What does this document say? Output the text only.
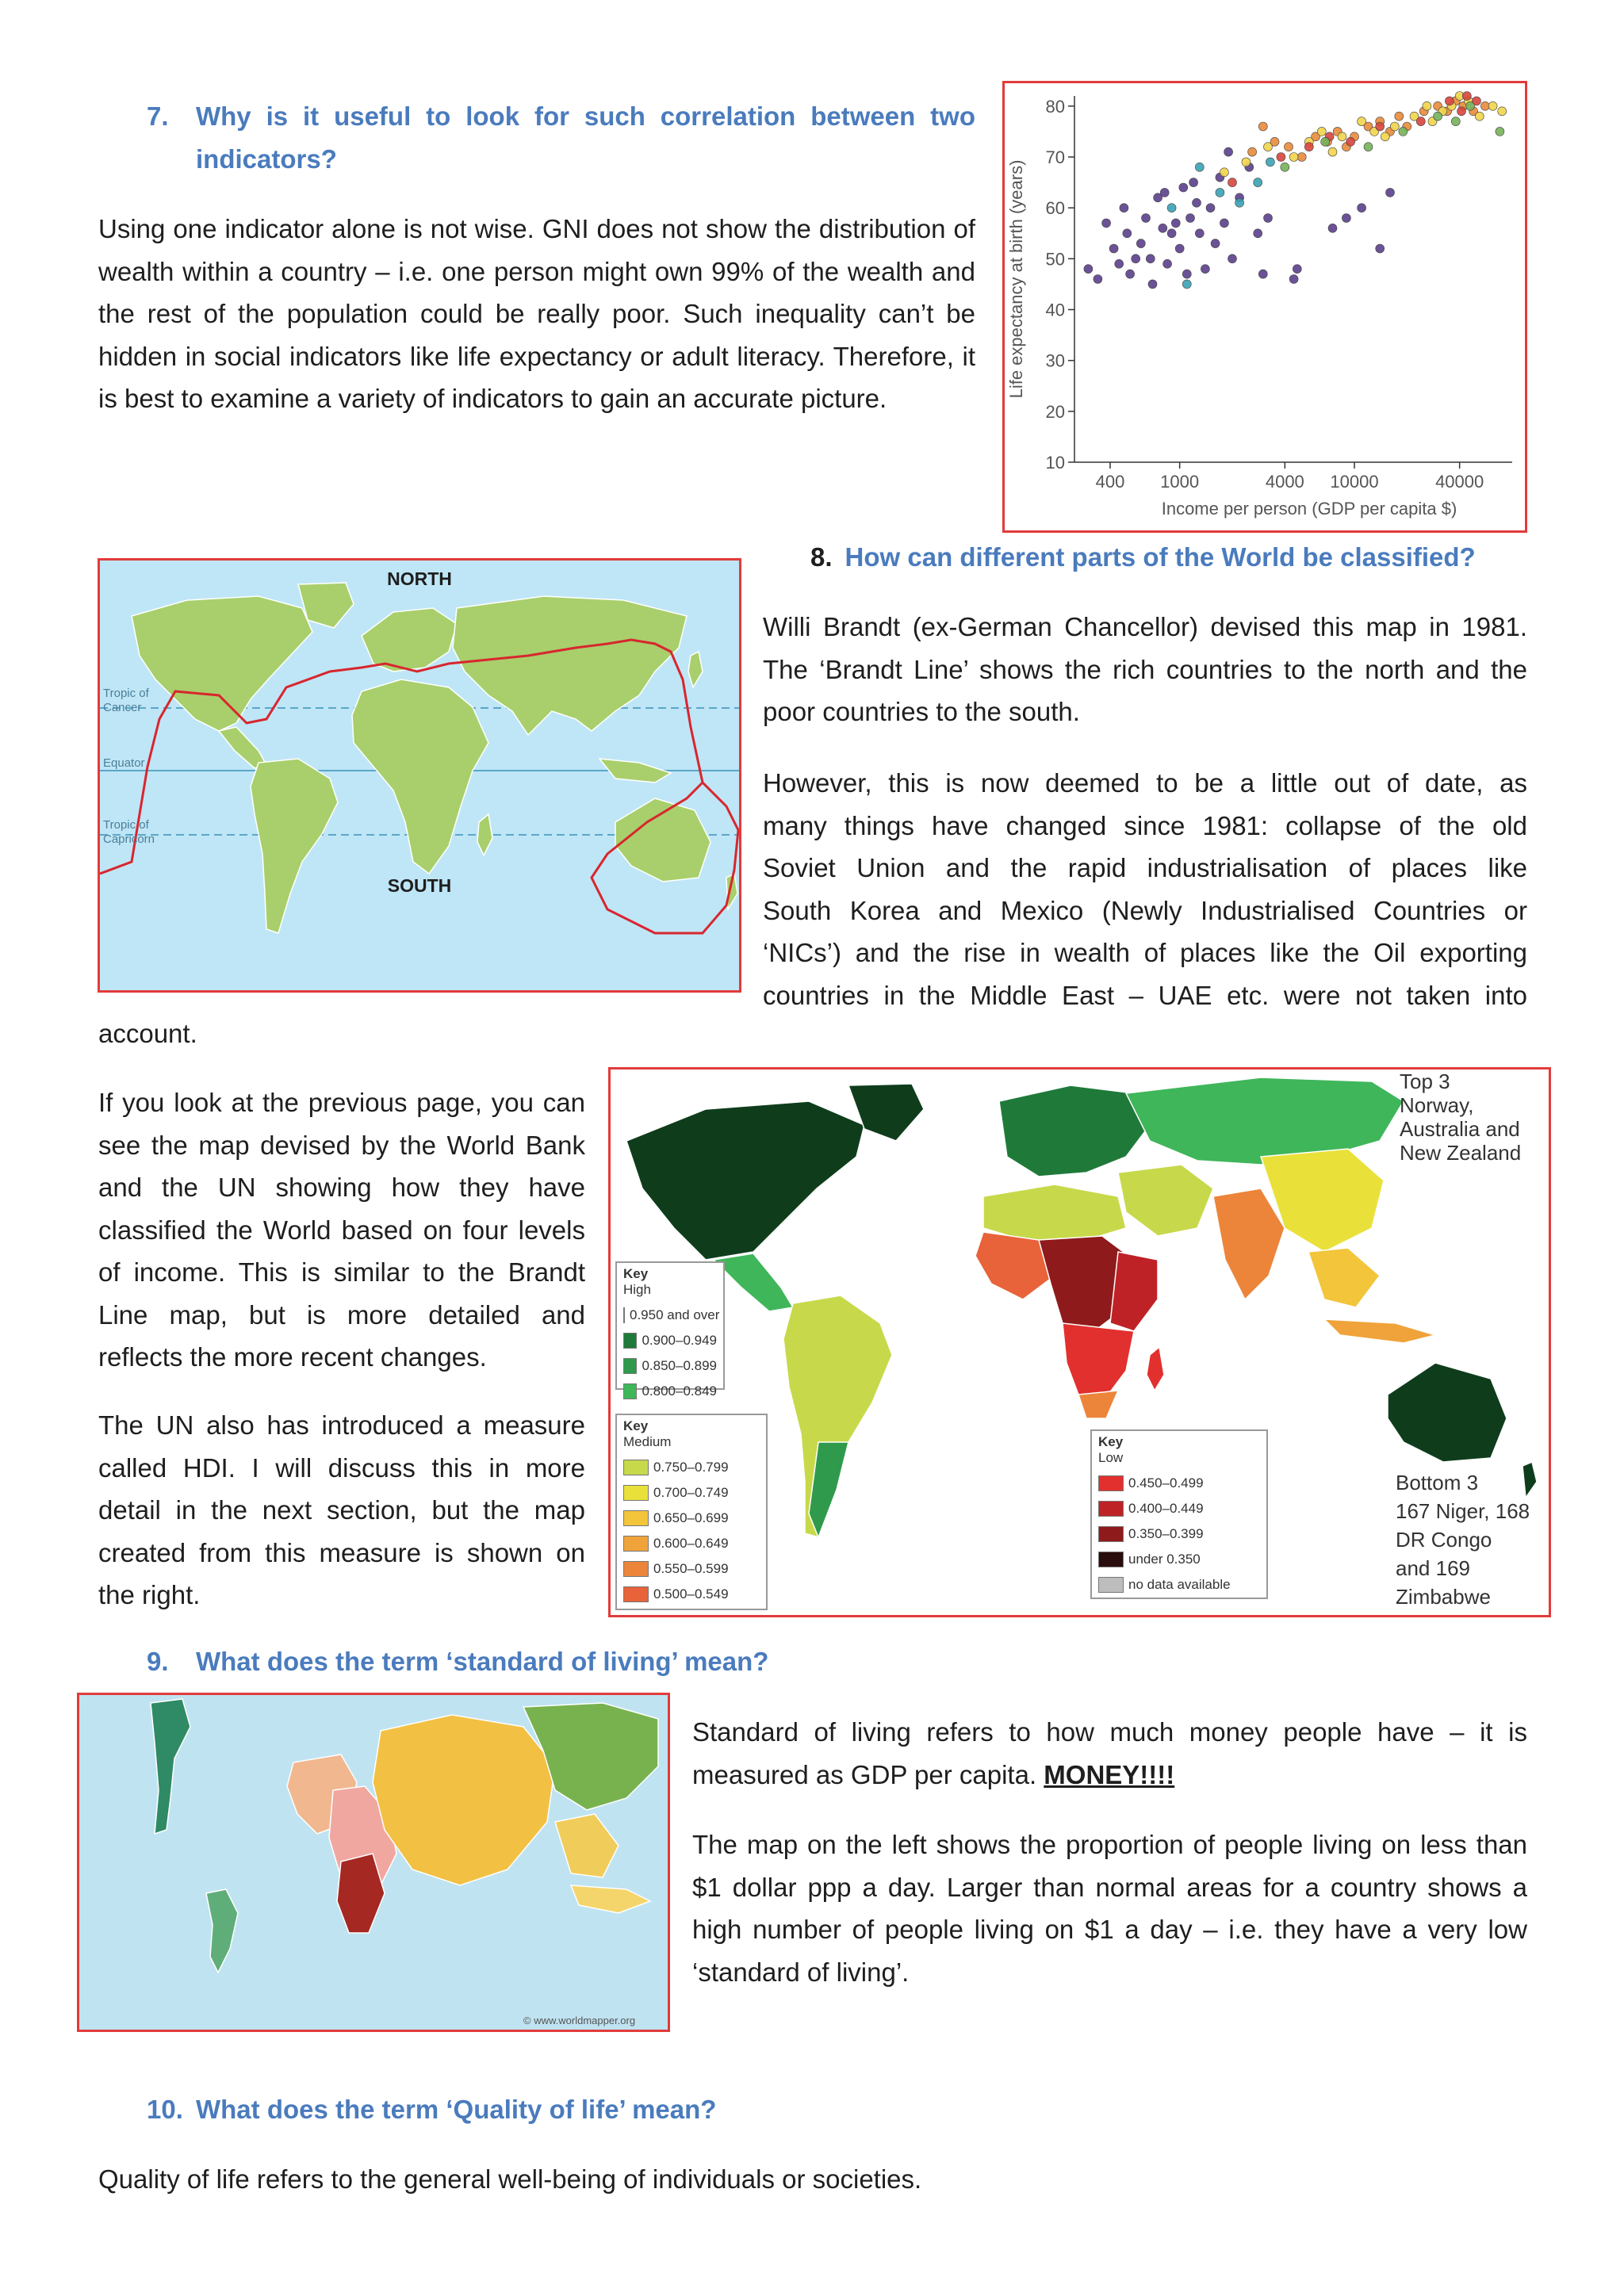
7.	Why is it useful to look for such correlation between two
indicators?
Using one indicator alone is not wise. GNI does not show the distribution of wealth within a country – i.e. one person might own 99% of the wealth and the rest of the population could be really poor. Such inequality can’t be hidden in social indicators like life expectancy or adult literacy. Therefore, it is best to examine a variety of indicators to gain an accurate picture.
10
20
30
40
50
60
70
80
400 1000	4000 10000	40000
Income per person (GDP per capita $)
Life expectancy at birth (years)
8. How can different parts of the World be classified?
NORTH
SOUTH
Tropic of
Cancer
Equator
Tropic of
Capricorn
Willi Brandt (ex-German Chancellor) devised this map in 1981. The ‘Brandt Line’ shows the rich countries to the north and the poor countries to the south.
However, this is now deemed to be a little out of date, as
many things have changed since 1981: collapse of the old
Soviet Union and the rapid industrialisation of places like
South Korea and Mexico (Newly Industrialised Countries or
‘NICs’) and the rise in wealth of places like the Oil exporting
countries in the Middle East – UAE etc. were not taken into
account.
If you look at the previous page, you can see the map devised by the World Bank and the UN showing how they have classified the World based on four levels of income. This is similar to the Brandt Line map, but is more detailed and reflects the more recent changes.
The UN also has introduced a measure called HDI. I will discuss this in more detail in the next section, but the map created from this measure is shown on the right.
Top 3
Norway,
Australia and
New Zealand
Bottom 3
167 Niger, 168
DR Congo
and 169
Zimbabwe
Key
High
0.950 and over
0.900–0.949
0.850–0.899
0.800–0.849
Key
Medium
0.750–0.799
0.700–0.749
0.650–0.699
0.600–0.649
0.550–0.599
0.500–0.549
Key
Low
0.450–0.499
0.400–0.449
0.350–0.399
under 0.350
no data available
9. What does the term ‘standard of living’ mean?
© www.worldmapper.org
Standard of living refers to how much money people have – it is measured as GDP per capita. MONEY!!!!
The map on the left shows the proportion of people living on less than $1 dollar ppp a day. Larger than normal areas for a country shows a high number of people living on $1 a day – i.e. they have a very low ‘standard of living’.
10. What does the term ‘Quality of life’ mean?
Quality of life refers to the general well-being of individuals or societies.
